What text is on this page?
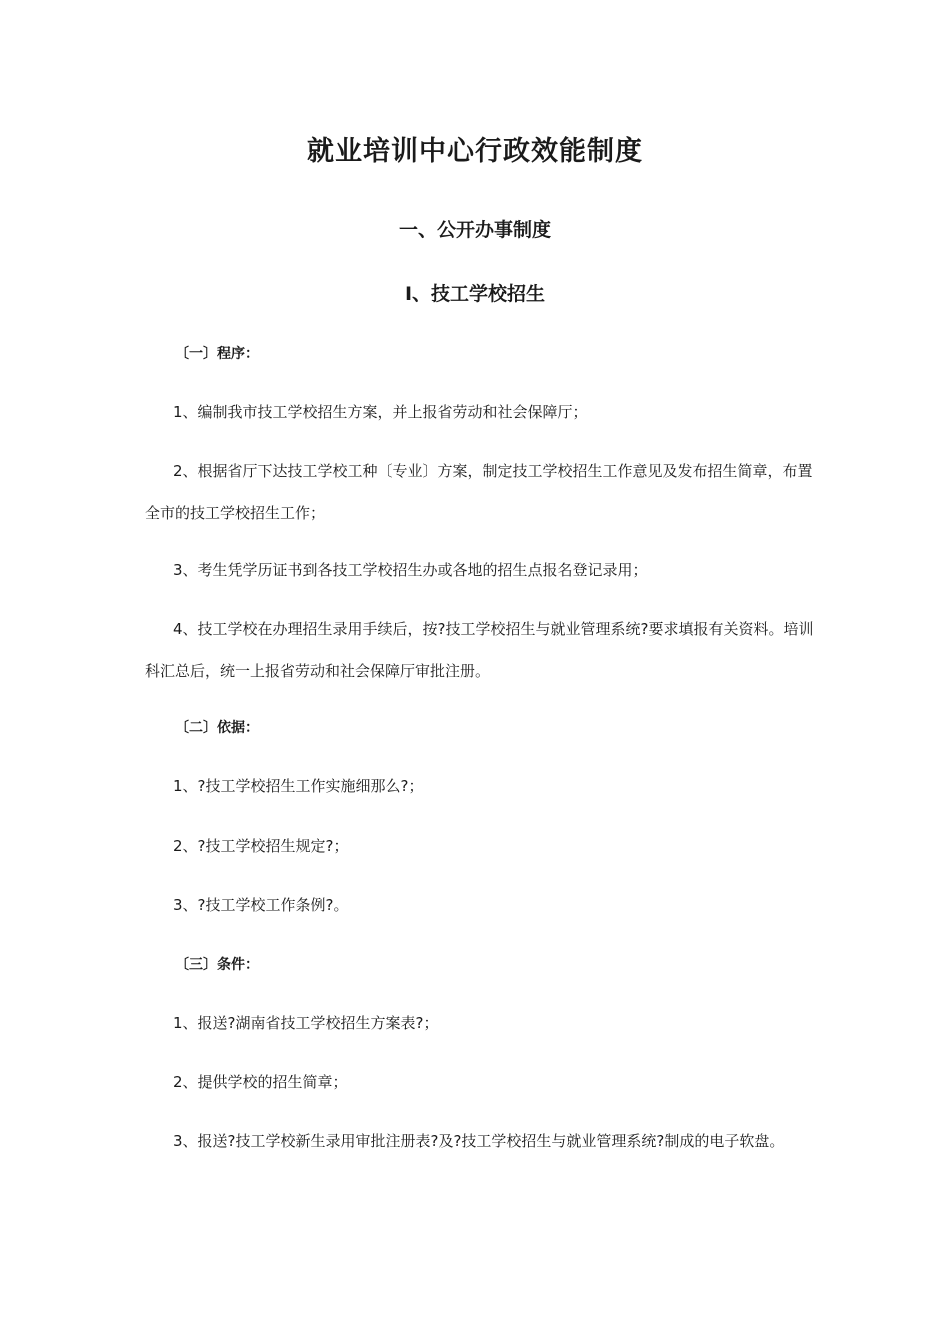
就业培训中心行政效能制度
一、公开办事制度
Ⅰ、技工学校招生
〔一〕程序：
1、编制我市技工学校招生方案，并上报省劳动和社会保障厅；
2、根据省厅下达技工学校工种〔专业〕方案，制定技工学校招生工作意见及发布招生简章，布置全市的技工学校招生工作；
3、考生凭学历证书到各技工学校招生办或各地的招生点报名登记录用；
4、技工学校在办理招生录用手续后，按?技工学校招生与就业管理系统?要求填报有关资料。培训科汇总后，统一上报省劳动和社会保障厅审批注册。
〔二〕依据：
1、?技工学校招生工作实施细那么?；
2、?技工学校招生规定?；
3、?技工学校工作条例?。
〔三〕条件：
1、报送?湖南省技工学校招生方案表?；
2、提供学校的招生简章；
3、报送?技工学校新生录用审批注册表?及?技工学校招生与就业管理系统?制成的电子软盘。
